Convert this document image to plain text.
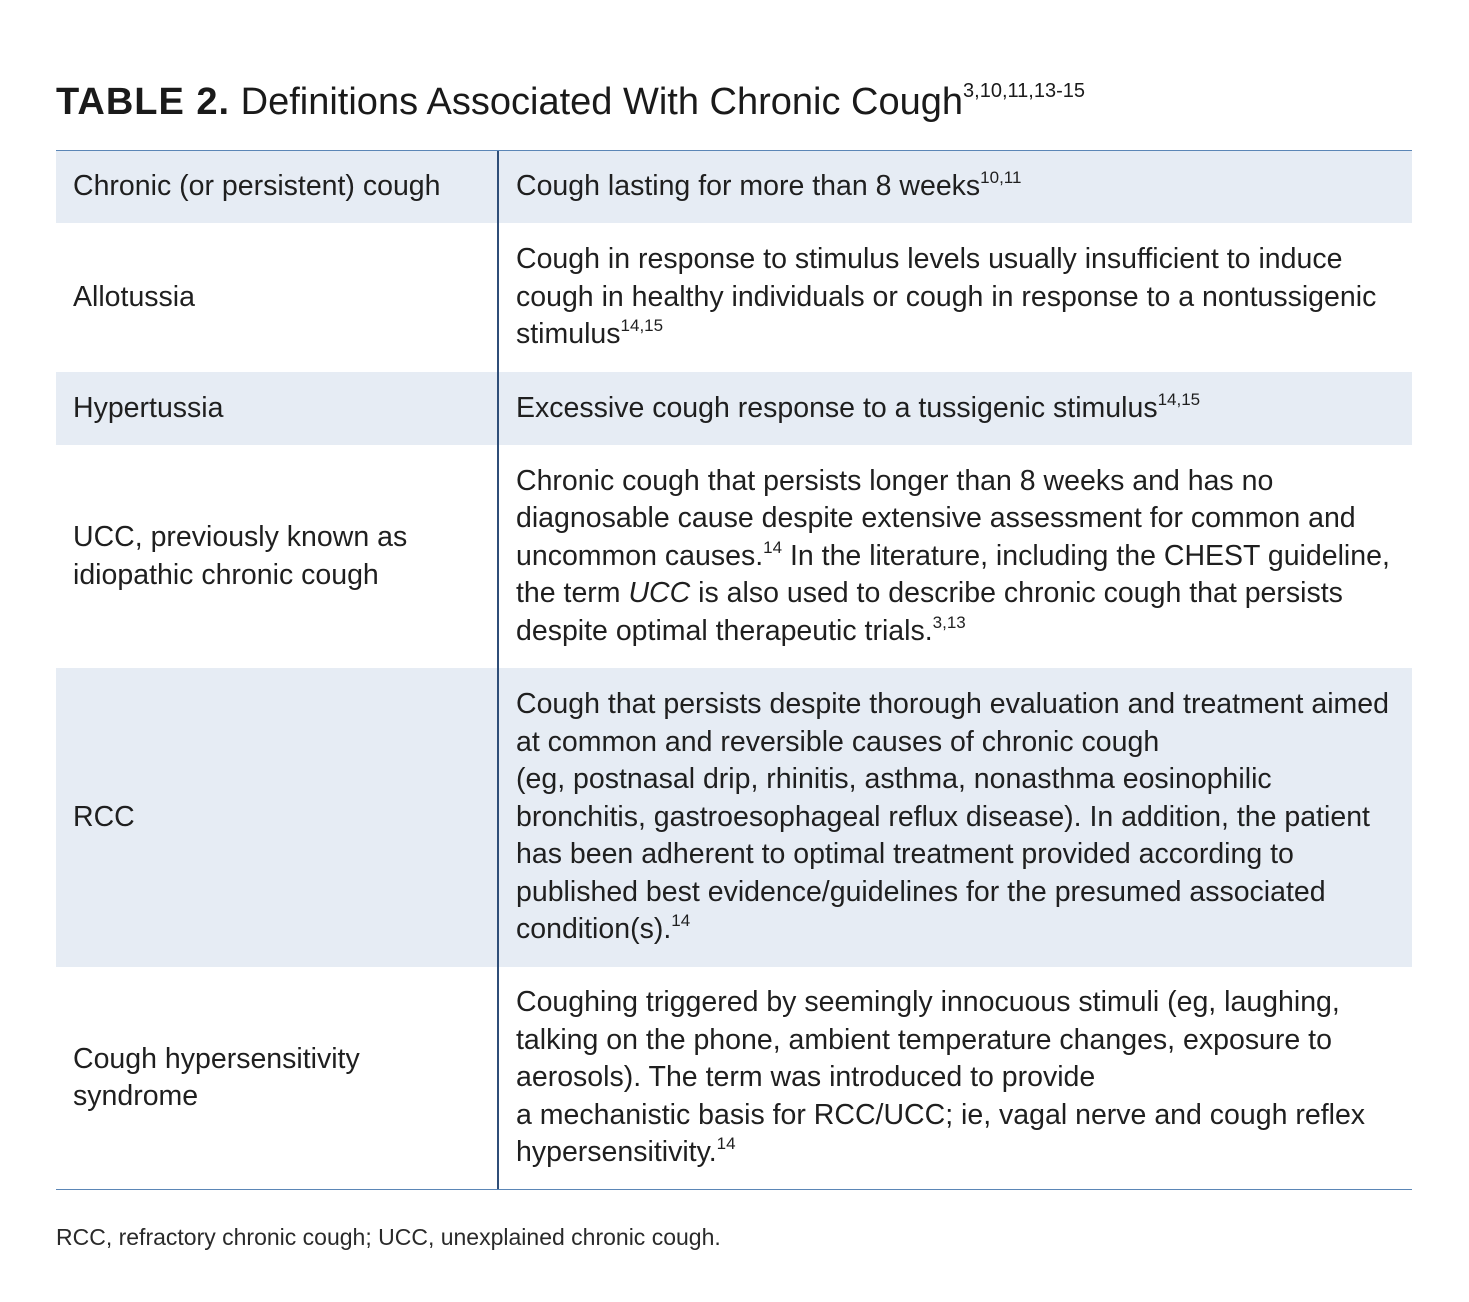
TABLE 2. Definitions Associated With Chronic Cough$^{3,10,11,13-15}$
Chronic (or persistent) cough	Cough lasting for more than 8 weeks$^{10,11}$
Allotussia
Cough in response to stimulus levels usually insufficient to induce cough in healthy individuals or cough in response to a nontussigenic stimulus$^{14,15}$
Hypertussia	Excessive cough response to a tussigenic stimulus$^{14,15}$
UCC, previously known as idiopathic chronic cough
Chronic cough that persists longer than 8 weeks and has no diagnosable cause despite extensive assessment for common and uncommon causes.$^{14}$ In the literature, including the CHEST guideline, the term UCC is also used to describe chronic cough that persists despite optimal therapeutic trials.$^{3,13}$
RCC
Cough that persists despite thorough evaluation and treatment aimed at common and reversible causes of chronic cough
(eg, postnasal drip, rhinitis, asthma, nonasthma eosinophilic bronchitis, gastroesophageal reflux disease). In addition, the patient has been adherent to optimal treatment provided according to published best evidence/guidelines for the presumed associated condition(s).$^{14}$
Cough hypersensitivity syndrome
Coughing triggered by seemingly innocuous stimuli (eg, laughing, talking on the phone, ambient temperature changes, exposure to aerosols). The term was introduced to provide
a mechanistic basis for RCC/UCC; ie, vagal nerve and cough reflex hypersensitivity.$^{14}$
RCC, refractory chronic cough; UCC, unexplained chronic cough.
